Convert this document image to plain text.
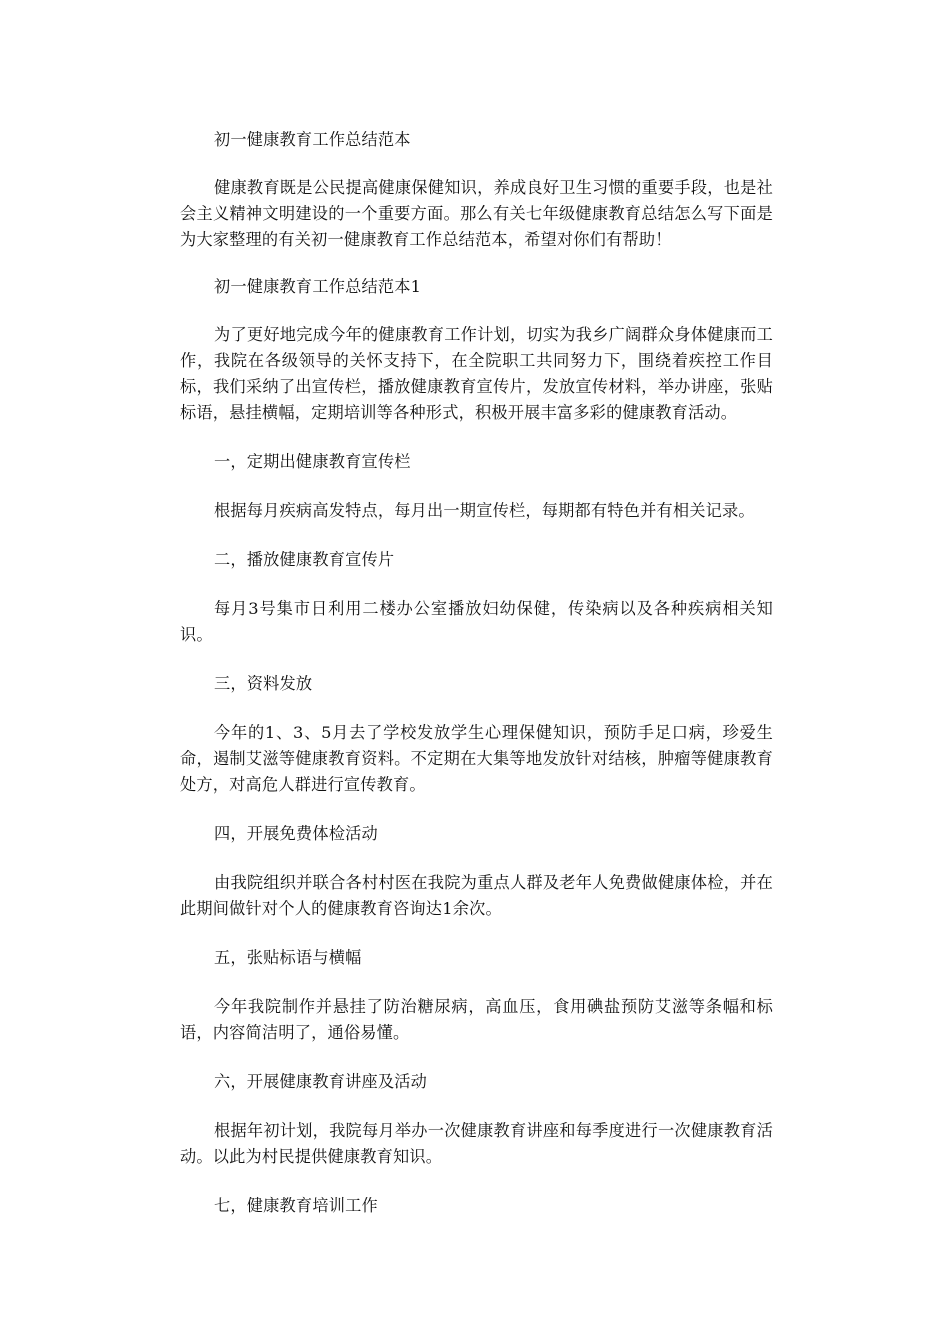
初一健康教育工作总结范本
健康教育既是公民提高健康保健知识，养成良好卫生习惯的重要手段，也是社会主义精神文明建设的一个重要方面。那么有关七年级健康教育总结怎么写下面是为大家整理的有关初一健康教育工作总结范本，希望对你们有帮助！
初一健康教育工作总结范本1
为了更好地完成今年的健康教育工作计划，切实为我乡广阔群众身体健康而工作，我院在各级领导的关怀支持下，在全院职工共同努力下，围绕着疾控工作目标，我们采纳了出宣传栏，播放健康教育宣传片，发放宣传材料，举办讲座，张贴标语，悬挂横幅，定期培训等各种形式，积极开展丰富多彩的健康教育活动。
一，定期出健康教育宣传栏
根据每月疾病高发特点，每月出一期宣传栏，每期都有特色并有相关记录。
二，播放健康教育宣传片
每月3号集市日利用二楼办公室播放妇幼保健，传染病以及各种疾病相关知识。
三，资料发放
今年的1、3、5月去了学校发放学生心理保健知识，预防手足口病，珍爱生命，遏制艾滋等健康教育资料。不定期在大集等地发放针对结核，肿瘤等健康教育处方，对高危人群进行宣传教育。
四，开展免费体检活动
由我院组织并联合各村村医在我院为重点人群及老年人免费做健康体检，并在此期间做针对个人的健康教育咨询达1余次。
五，张贴标语与横幅
今年我院制作并悬挂了防治糖尿病，高血压，食用碘盐预防艾滋等条幅和标语，内容简洁明了，通俗易懂。
六，开展健康教育讲座及活动
根据年初计划，我院每月举办一次健康教育讲座和每季度进行一次健康教育活动。以此为村民提供健康教育知识。
七，健康教育培训工作
